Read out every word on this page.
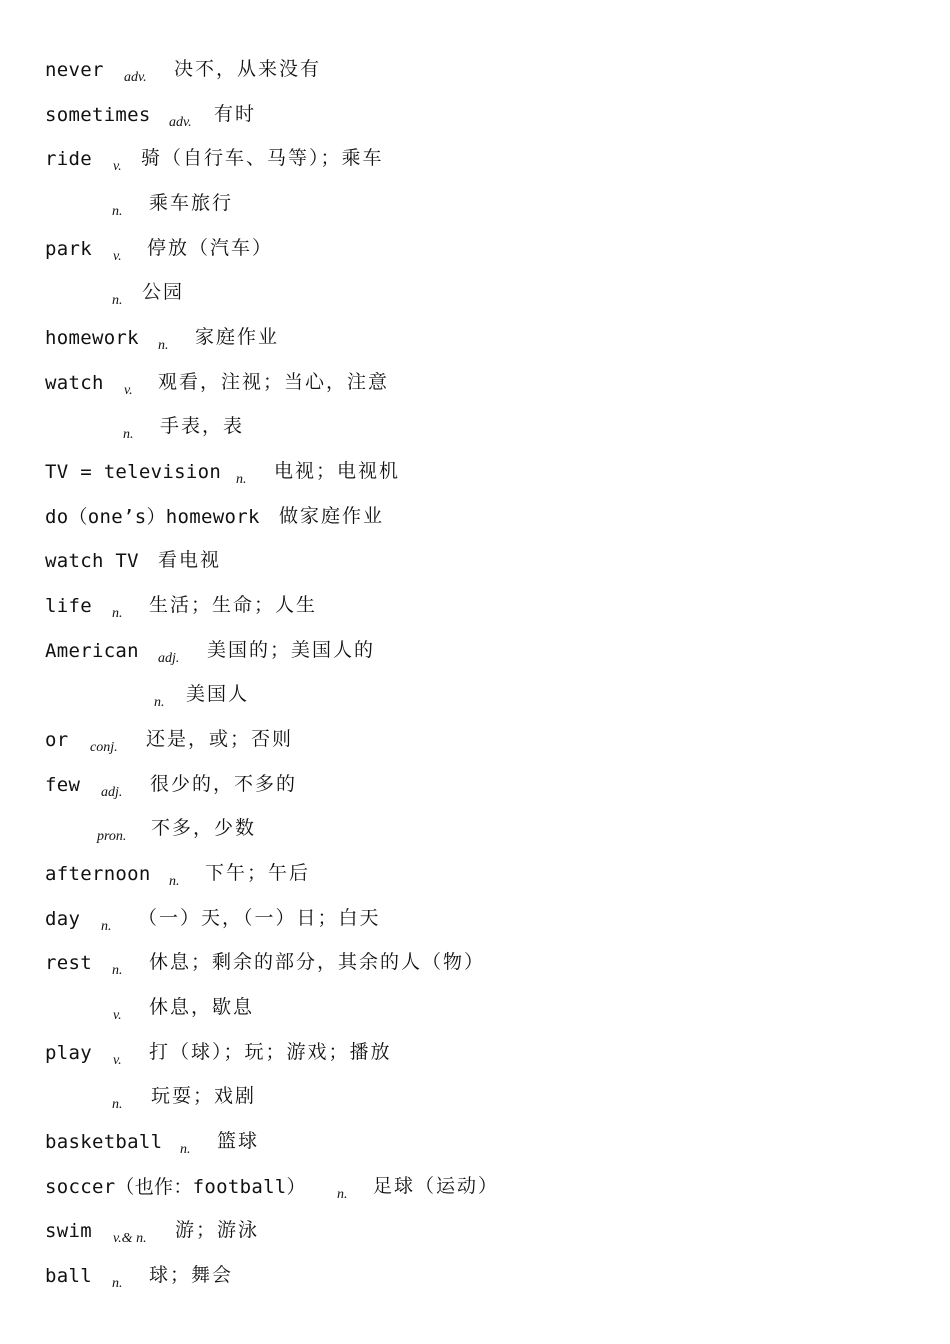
never adv. 决不，从来没有
sometimes adv. 有时
ride v. 骑（自行车、马等）；乘车
n. 乘车旅行
park v. 停放（汽车）
n. 公园
homework n. 家庭作业
watch v. 观看，注视；当心，注意
n. 手表，表
TV = television n. 电视；电视机
do（one’s）homework 做家庭作业
watch TV 看电视
life n. 生活；生命；人生
American adj. 美国的；美国人的
n. 美国人
or conj. 还是，或；否则
few adj. 很少的，不多的
pron. 不多，少数
afternoon n. 下午；午后
day n. （一）天，（一）日；白天
rest n. 休息；剩余的部分，其余的人（物）
v. 休息，歇息
play v. 打（球）；玩；游戏；播放
n. 玩耍；戏剧
basketball n. 篮球
soccer（也作：football） n. 足球（运动）
swim v.& n. 游；游泳
ball n. 球；舞会
